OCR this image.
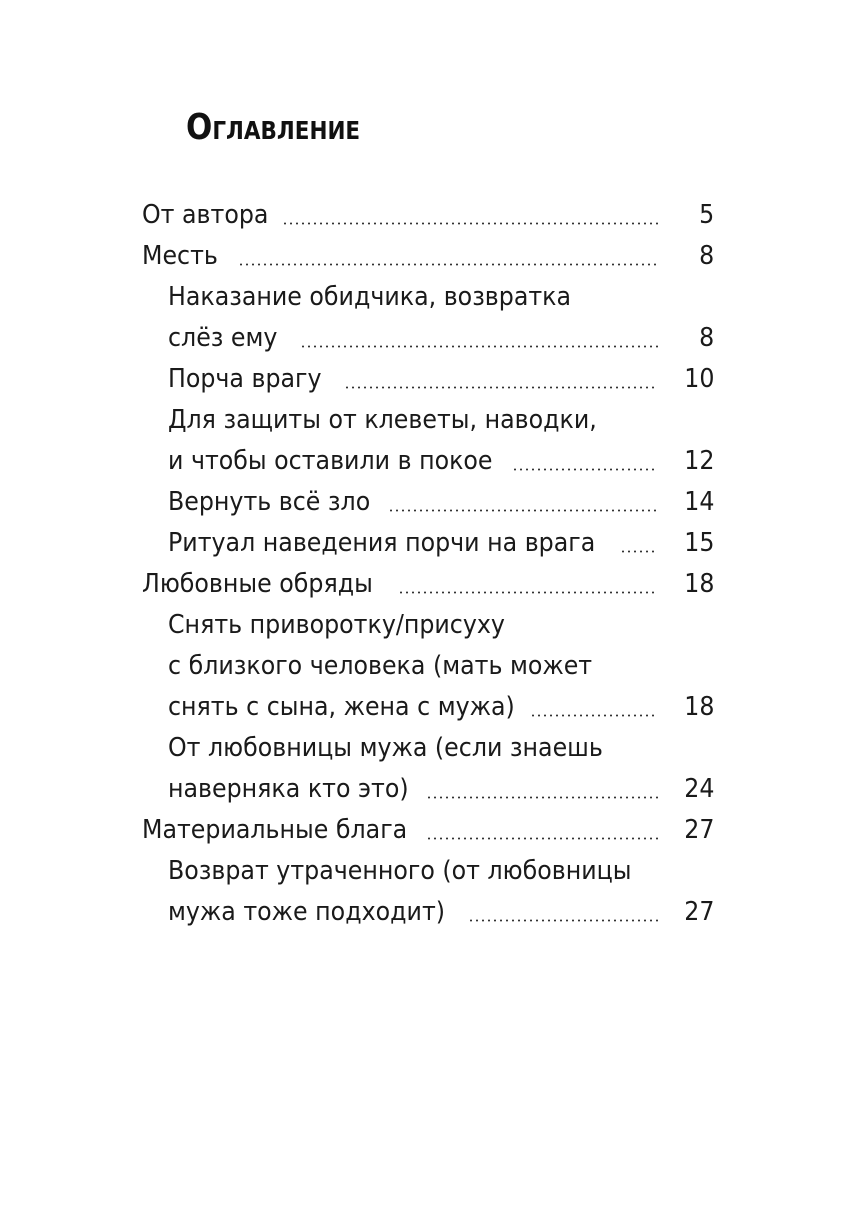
Оглавление
От автора	5
Месть	8
Наказание обидчика, возвратка
слёз ему	8
Порча врагу	10
Для защиты от клеветы, наводки,
и чтобы оставили в покое	12
Вернуть всё зло	14
Ритуал наведения порчи на врага	15
Любовные обряды	18
Снять приворотку/присуху
с близкого человека (мать может
снять с сына, жена с мужа)	18
От любовницы мужа (если знаешь
наверняка кто это)	24
Материальные блага	27
Возврат утраченного (от любовницы
мужа тоже подходит)	27
